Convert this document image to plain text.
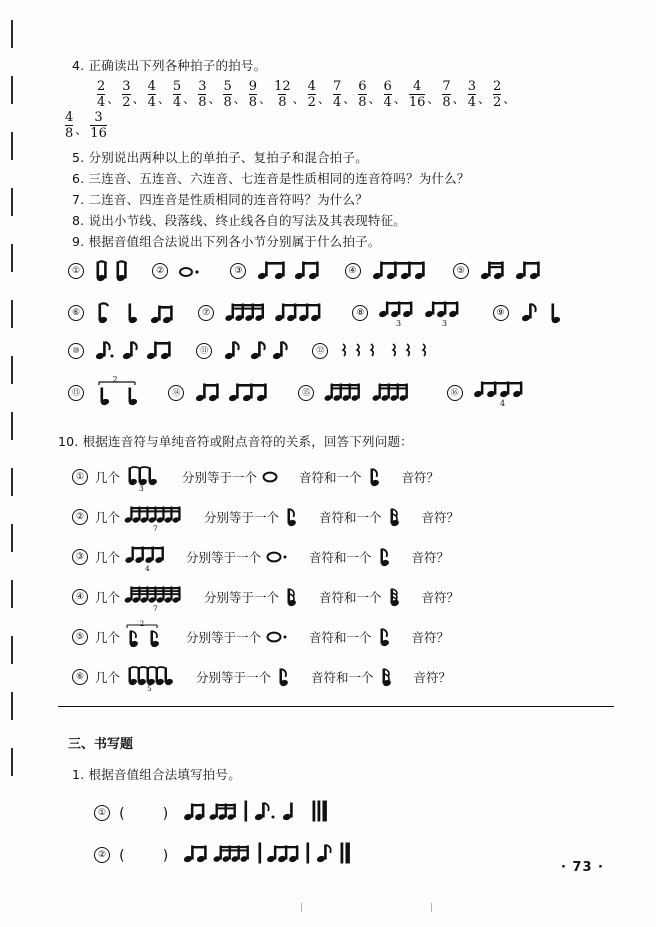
4. 正确读出下列各种拍子的拍号。

$\frac{2}{4}$ 、 $\frac{3}{2}$ 、 $\frac{4}{4}$ 、 $\frac{5}{4}$ 、 $\frac{3}{8}$ 、 $\frac{5}{8}$ 、 $\frac{9}{8}$ 、 $\frac{12}{8}$ 、 $\frac{4}{2}$ 、 $\frac{7}{4}$ 、 $\frac{6}{8}$ 、 $\frac{6}{4}$ 、 $\frac{4}{16}$ 、 $\frac{7}{8}$ 、 $\frac{3}{4}$ 、 $\frac{2}{2}$ 、
$\frac{4}{8}$ 、 $\frac{3}{16}$

5. 分别说出两种以上的单拍子、复拍子和混合拍子。

6. 三连音、五连音、六连音、七连音是性质相同的连音符吗？为什么？

7. 二连音、四连音是性质相同的连音符吗？为什么？

8. 说出小节线、段落线、终止线各自的写法及其表现特征。

9. 根据音值组合法说出下列各小节分别属于什么拍子。

①	②	③	④	⑤
⑥	⑦	⑧
3	3
⑨
⑩	⑪	⑫
⑬
2
⑭	⑮	⑯
4

10. 根据连音符与单纯音符或附点音符的关系，回答下列问题：

① 几个
3
分别等于一个	音符和一个	音符？
② 几个
7
分别等于一个	音符和一个	音符？
③ 几个
4
分别等于一个	音符和一个	音符？
④ 几个
7
分别等于一个	音符和一个	音符？
⑤ 几个
2
分别等于一个	音符和一个	音符？
⑥ 几个
5
分别等于一个	音符和一个	音符？

三、书写题

1. 根据音值组合法填写拍号。

① (	)
② (	)
· 73 ·
|	|
